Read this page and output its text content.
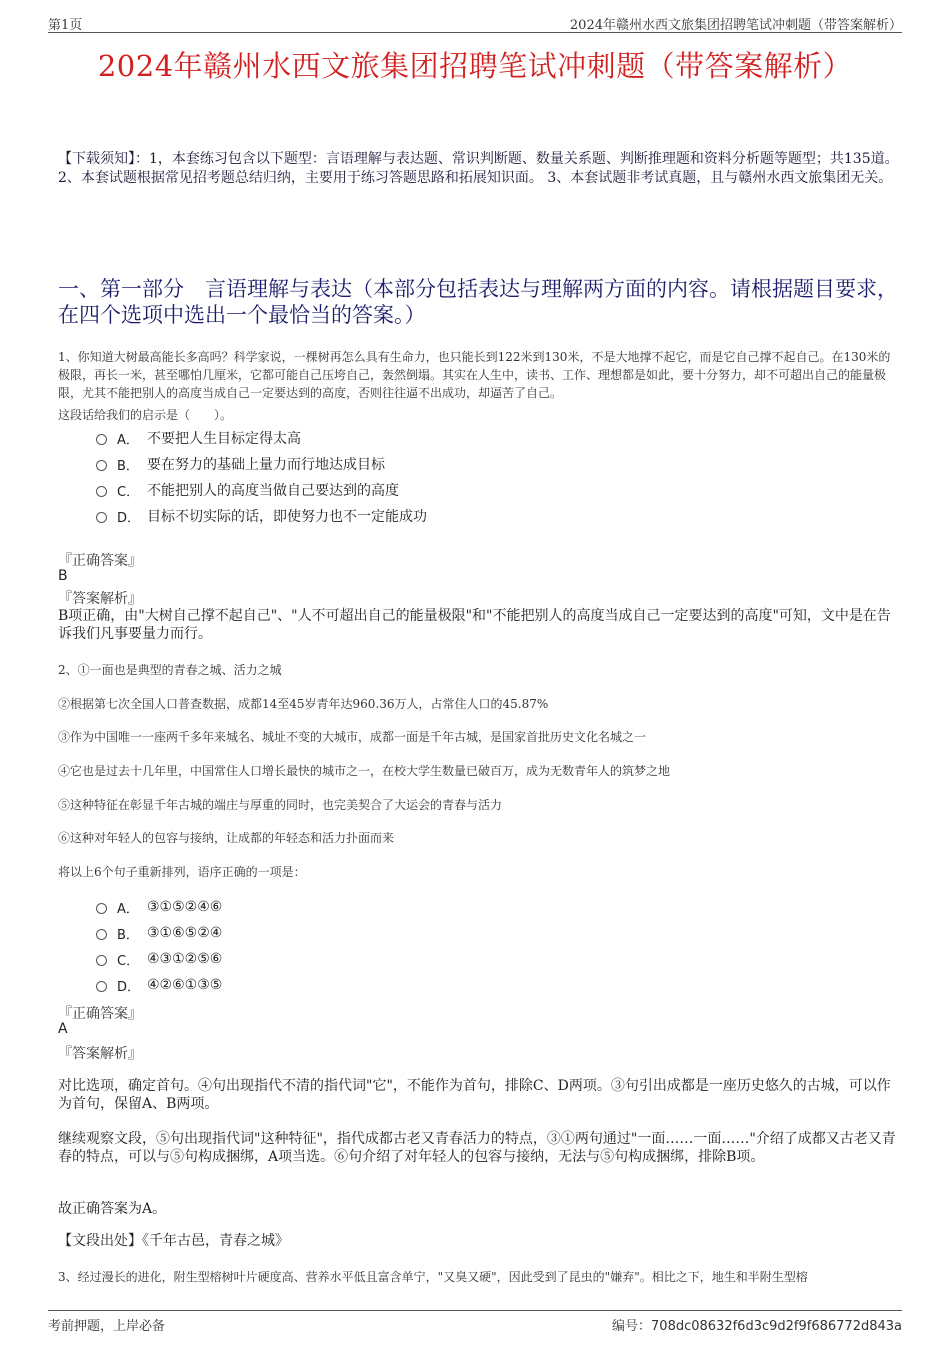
第1页	2024年赣州水西文旅集团招聘笔试冲刺题（带答案解析）
2024年赣州水西文旅集团招聘笔试冲刺题（带答案解析）
【下载须知】：1，本套练习包含以下题型：言语理解与表达题、常识判断题、数量关系题、判断推理题和资料分析题等题型；共135道。 2、本套试题根据常见招考题总结归纳，主要用于练习答题思路和拓展知识面。 3、本套试题非考试真题，且与赣州水西文旅集团无关。
一、第一部分　言语理解与表达（本部分包括表达与理解两方面的内容。请根据题目要求，在四个选项中选出一个最恰当的答案。）
1、你知道大树最高能长多高吗？科学家说，一棵树再怎么具有生命力，也只能长到122米到130米，不是大地撑不起它，而是它自己撑不起自己。在130米的极限，再长一米，甚至哪怕几厘米，它都可能自己压垮自己，轰然倒塌。其实在人生中，读书、工作、理想都是如此，要十分努力，却不可超出自己的能量极限，尤其不能把别人的高度当成自己一定要达到的高度，否则往往逼不出成功，却逼苦了自己。
这段话给我们的启示是（　　）。
A． 不要把人生目标定得太高
B． 要在努力的基础上量力而行地达成目标
C． 不能把别人的高度当做自己要达到的高度
D． 目标不切实际的话，即使努力也不一定能成功
『正确答案』
B
『答案解析』
B项正确，由"大树自己撑不起自己"、"人不可超出自己的能量极限"和"不能把别人的高度当成自己一定要达到的高度"可知，文中是在告诉我们凡事要量力而行。
2、①一面也是典型的青春之城、活力之城
②根据第七次全国人口普查数据，成都14至45岁青年达960.36万人，占常住人口的45.87%
③作为中国唯一一座两千多年来城名、城址不变的大城市，成都一面是千年古城，是国家首批历史文化名城之一
④它也是过去十几年里，中国常住人口增长最快的城市之一，在校大学生数量已破百万，成为无数青年人的筑梦之地
⑤这种特征在彰显千年古城的端庄与厚重的同时，也完美契合了大运会的青春与活力
⑥这种对年轻人的包容与接纳，让成都的年轻态和活力扑面而来
将以上6个句子重新排列，语序正确的一项是：
A． ③①⑤②④⑥
B． ③①⑥⑤②④
C． ④③①②⑤⑥
D． ④②⑥①③⑤
『正确答案』
A
『答案解析』
对比选项，确定首句。④句出现指代不清的指代词"它"，不能作为首句，排除C、D两项。③句引出成都是一座历史悠久的古城，可以作为首句，保留A、B两项。
继续观察文段，⑤句出现指代词"这种特征"，指代成都古老又青春活力的特点，③①两句通过"一面……一面……"介绍了成都又古老又青春的特点，可以与⑤句构成捆绑，A项当选。⑥句介绍了对年轻人的包容与接纳，无法与⑤句构成捆绑，排除B项。
故正确答案为A。
【文段出处】《千年古邑，青春之城》
3、经过漫长的进化，附生型榕树叶片硬度高、营养水平低且富含单宁，"又臭又硬"，因此受到了昆虫的"嫌弃"。相比之下，地生和半附生型榕
考前押题，上岸必备	编号：708dc08632f6d3c9d2f9f686772d843a
